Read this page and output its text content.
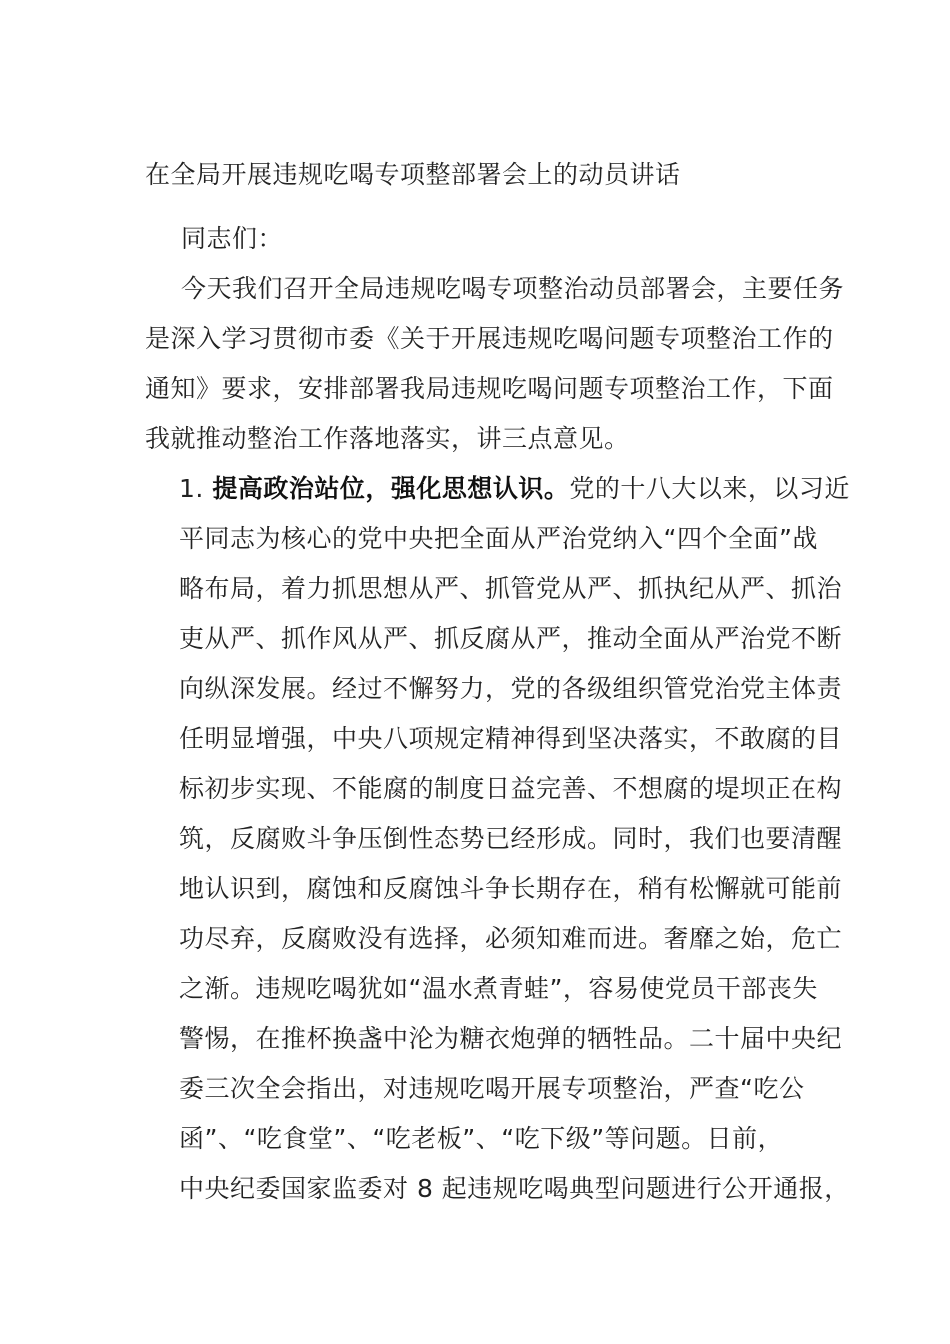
在全局开展违规吃喝专项整部署会上的动员讲话
同志们：
今天我们召开全局违规吃喝专项整治动员部署会，主要任务
是深入学习贯彻市委《关于开展违规吃喝问题专项整治工作的
通知》要求，安排部署我局违规吃喝问题专项整治工作，下面
我就推动整治工作落地落实，讲三点意见。
1. 提高政治站位，强化思想认识。党的十八大以来，以习近
平同志为核心的党中央把全面从严治党纳入“四个全面”战
略布局，着力抓思想从严、抓管党从严、抓执纪从严、抓治
吏从严、抓作风从严、抓反腐从严，推动全面从严治党不断
向纵深发展。经过不懈努力，党的各级组织管党治党主体责
任明显增强，中央八项规定精神得到坚决落实，不敢腐的目
标初步实现、不能腐的制度日益完善、不想腐的堤坝正在构
筑，反腐败斗争压倒性态势已经形成。同时，我们也要清醒
地认识到，腐蚀和反腐蚀斗争长期存在，稍有松懈就可能前
功尽弃，反腐败没有选择，必须知难而进。奢靡之始，危亡
之渐。违规吃喝犹如“温水煮青蛙”，容易使党员干部丧失
警惕，在推杯换盏中沦为糖衣炮弹的牺牲品。二十届中央纪
委三次全会指出，对违规吃喝开展专项整治，严查“吃公
函”、“吃食堂”、“吃老板”、“吃下级”等问题。日前，
中央纪委国家监委对 8 起违规吃喝典型问题进行公开通报，
